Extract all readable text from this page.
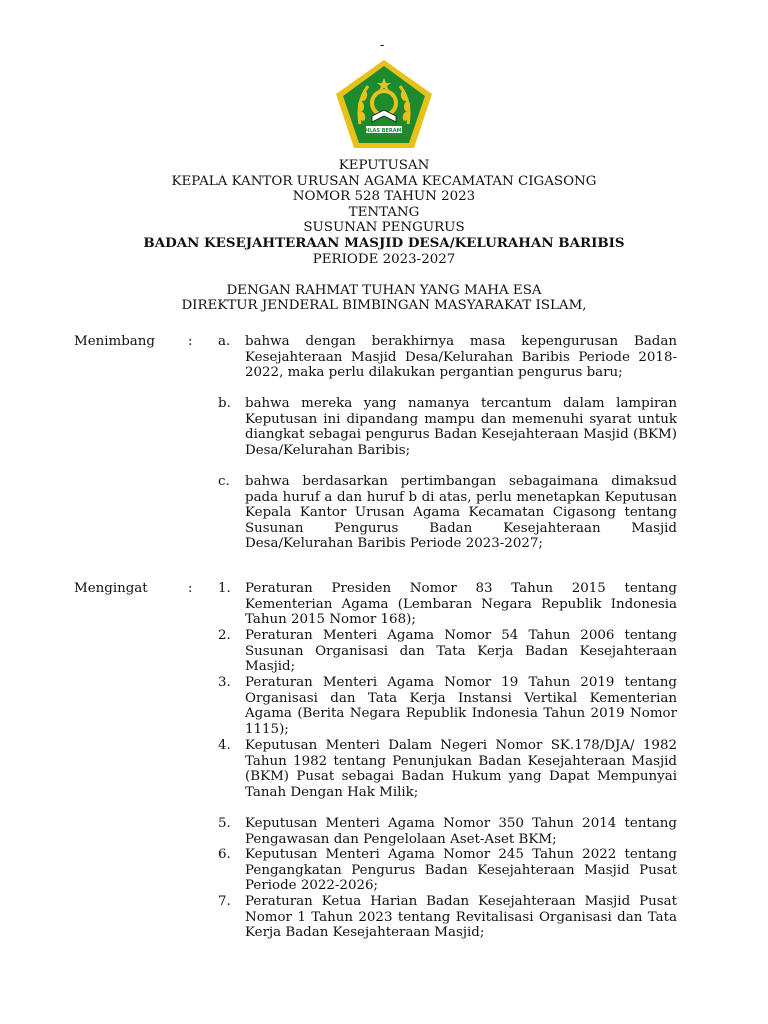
-
IKHLAS BERAMAL
KEPUTUSAN
KEPALA KANTOR URUSAN AGAMA KECAMATAN CIGASONG
NOMOR 528 TAHUN 2023
TENTANG
SUSUNAN PENGURUS
BADAN KESEJAHTERAAN MASJID DESA/KELURAHAN BARIBIS
PERIODE 2023-2027
DENGAN RAHMAT TUHAN YANG MAHA ESA
DIREKTUR JENDERAL BIMBINGAN MASYARAKAT ISLAM,
Menimbang : a. bahwa dengan berakhirnya masa kepengurusan Badan Kesejahteraan Masjid Desa/Kelurahan Baribis Periode 2018-2022, maka perlu dilakukan pergantian pengurus baru;
b. bahwa mereka yang namanya tercantum dalam lampiran Keputusan ini dipandang mampu dan memenuhi syarat untuk diangkat sebagai pengurus Badan Kesejahteraan Masjid (BKM) Desa/Kelurahan Baribis;
c. bahwa berdasarkan pertimbangan sebagaimana dimaksud pada huruf a dan huruf b di atas, perlu menetapkan Keputusan Kepala Kantor Urusan Agama Kecamatan Cigasong tentang Susunan Pengurus Badan Kesejahteraan Masjid Desa/Kelurahan Baribis Periode 2023-2027;
Mengingat	: 1. Peraturan Presiden Nomor 83 Tahun 2015 tentang Kementerian Agama (Lembaran Negara Republik Indonesia Tahun 2015 Nomor 168);
2. Peraturan Menteri Agama Nomor 54 Tahun 2006 tentang Susunan Organisasi dan Tata Kerja Badan Kesejahteraan Masjid;
3. Peraturan Menteri Agama Nomor 19 Tahun 2019 tentang Organisasi dan Tata Kerja Instansi Vertikal Kementerian Agama (Berita Negara Republik Indonesia Tahun 2019 Nomor 1115);
4. Keputusan Menteri Dalam Negeri Nomor SK.178/DJA/ 1982 Tahun 1982 tentang Penunjukan Badan Kesejahteraan Masjid (BKM) Pusat sebagai Badan Hukum yang Dapat Mempunyai Tanah Dengan Hak Milik;
5. Keputusan Menteri Agama Nomor 350 Tahun 2014 tentang Pengawasan dan Pengelolaan Aset-Aset BKM;
6. Keputusan Menteri Agama Nomor 245 Tahun 2022 tentang Pengangkatan Pengurus Badan Kesejahteraan Masjid Pusat Periode 2022-2026;
7. Peraturan Ketua Harian Badan Kesejahteraan Masjid Pusat Nomor 1 Tahun 2023 tentang Revitalisasi Organisasi dan Tata Kerja Badan Kesejahteraan Masjid;
